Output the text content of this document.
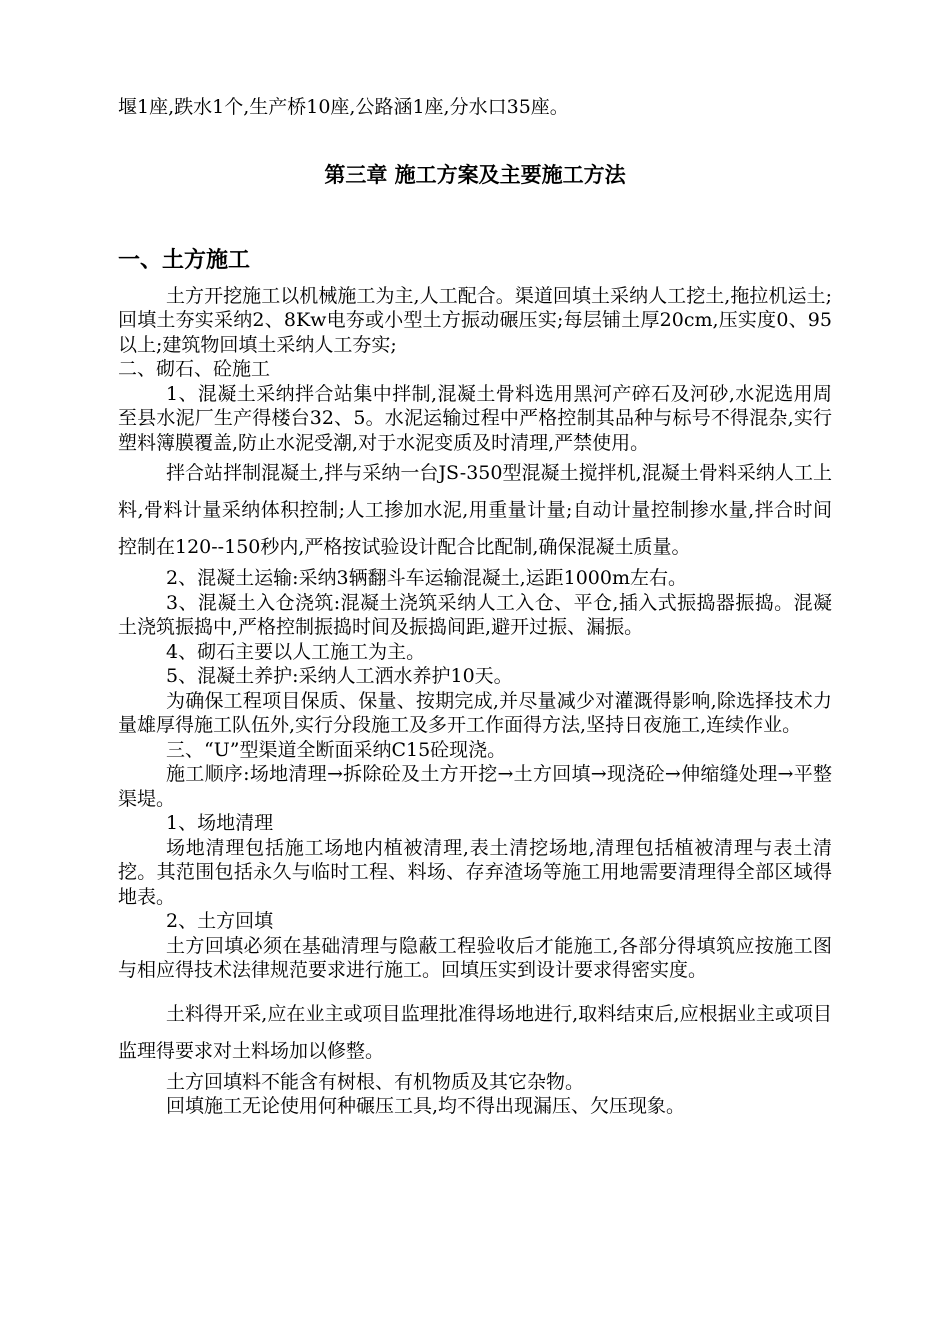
堰1座,跌水1个,生产桥10座,公路涵1座,分水口35座。

第三章 施工方案及主要施工方法
一、土方施工

土方开挖施工以机械施工为主,人工配合。渠道回填土采纳人工挖土,拖拉机运土;回填土夯实采纳2、8Kw电夯或小型土方振动碾压实;每层铺土厚20cm,压实度0、95以上;建筑物回填土采纳人工夯实;

二、砌石、砼施工

1、混凝土采纳拌合站集中拌制,混凝土骨料选用黑河产碎石及河砂,水泥选用周至县水泥厂生产得楼台32、5。水泥运输过程中严格控制其品种与标号不得混杂,实行塑料簿膜覆盖,防止水泥受潮,对于水泥变质及时清理,严禁使用。

拌合站拌制混凝土,拌与采纳一台JS-350型混凝土搅拌机,混凝土骨料采纳人工上料,骨料计量采纳体积控制;人工掺加水泥,用重量计量;自动计量控制掺水量,拌合时间控制在120--150秒内,严格按试验设计配合比配制,确保混凝土质量。

2、混凝土运输:采纳3辆翻斗车运输混凝土,运距1000m左右。

3、混凝土入仓浇筑:混凝土浇筑采纳人工入仓、平仓,插入式振捣器振捣。混凝土浇筑振捣中,严格控制振捣时间及振捣间距,避开过振、漏振。

4、砌石主要以人工施工为主。

5、混凝土养护:采纳人工洒水养护10天。

为确保工程项目保质、保量、按期完成,并尽量减少对灌溉得影响,除选择技术力量雄厚得施工队伍外,实行分段施工及多开工作面得方法,坚持日夜施工,连续作业。

三、“U”型渠道全断面采纳C15砼现浇。

施工顺序:场地清理→拆除砼及土方开挖→土方回填→现浇砼→伸缩缝处理→平整渠堤。

1、场地清理

场地清理包括施工场地内植被清理,表土清挖场地,清理包括植被清理与表土清挖。其范围包括永久与临时工程、料场、存弃渣场等施工用地需要清理得全部区域得地表。

2、土方回填

土方回填必须在基础清理与隐蔽工程验收后才能施工,各部分得填筑应按施工图与相应得技术法律规范要求进行施工。回填压实到设计要求得密实度。

土料得开采,应在业主或项目监理批准得场地进行,取料结束后,应根据业主或项目监理得要求对土料场加以修整。

土方回填料不能含有树根、有机物质及其它杂物。

回填施工无论使用何种碾压工具,均不得出现漏压、欠压现象。
